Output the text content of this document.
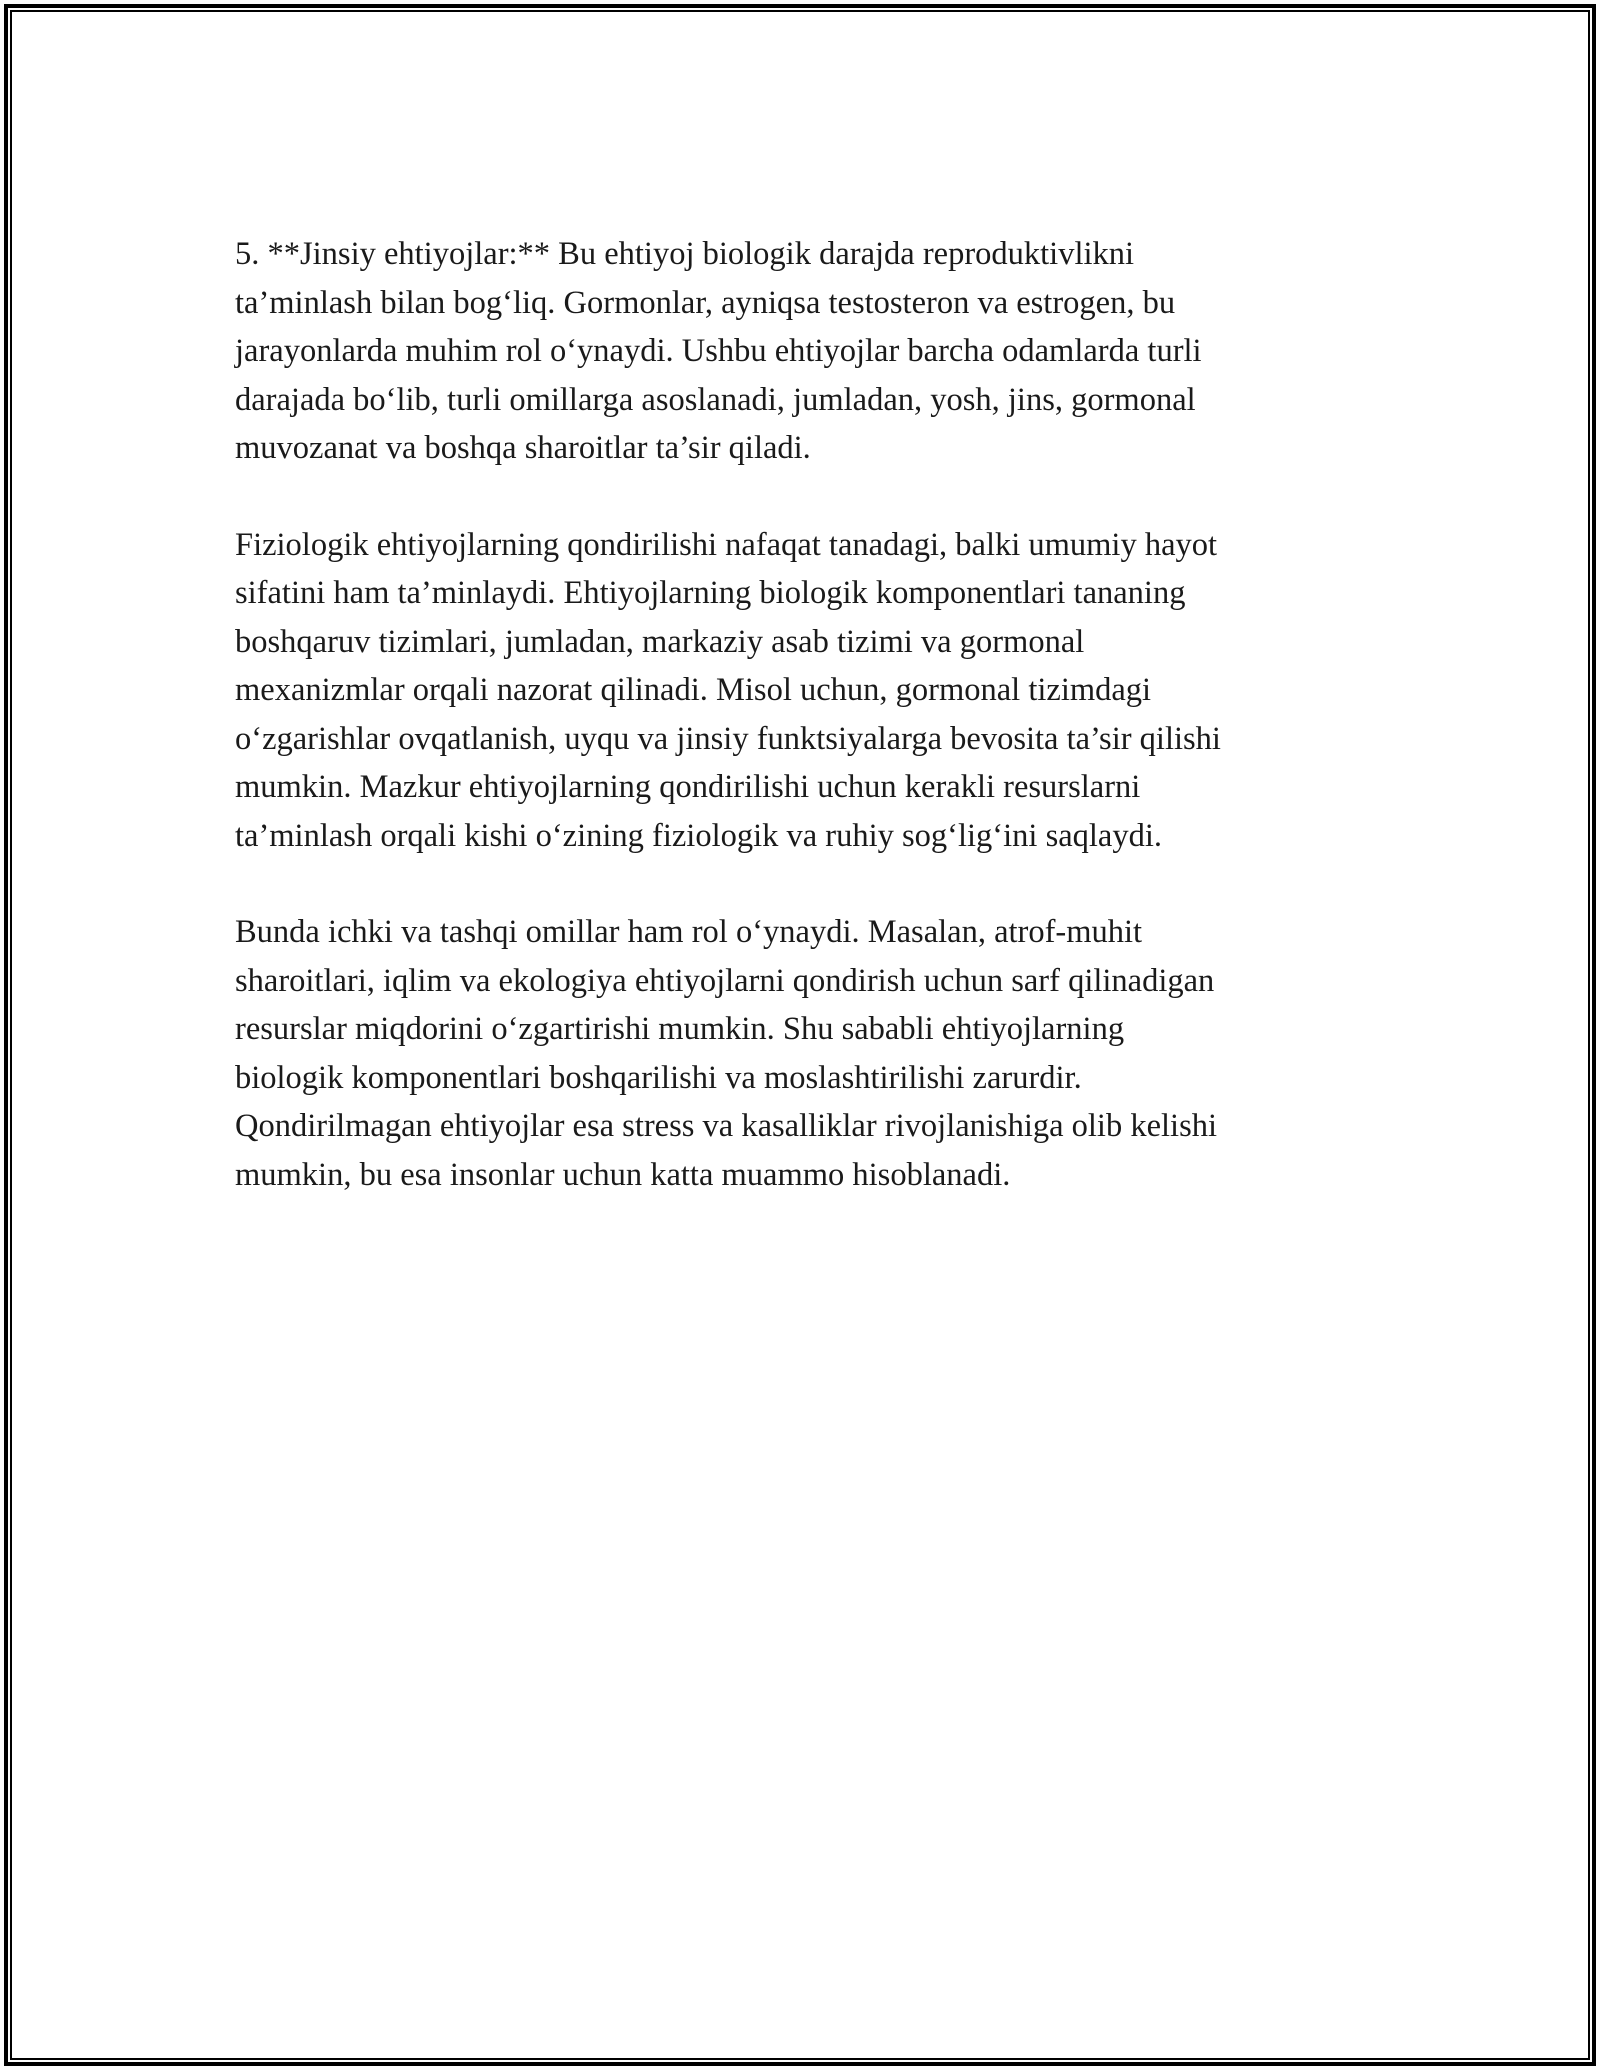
5. **Jinsiy ehtiyojlar:** Bu ehtiyoj biologik darajda reproduktivlikni
ta’minlash bilan bog‘liq. Gormonlar, ayniqsa testosteron va estrogen, bu
jarayonlarda muhim rol o‘ynaydi. Ushbu ehtiyojlar barcha odamlarda turli
darajada bo‘lib, turli omillarga asoslanadi, jumladan, yosh, jins, gormonal
muvozanat va boshqa sharoitlar ta’sir qiladi.

Fiziologik ehtiyojlarning qondirilishi nafaqat tanadagi, balki umumiy hayot
sifatini ham ta’minlaydi. Ehtiyojlarning biologik komponentlari tananing
boshqaruv tizimlari, jumladan, markaziy asab tizimi va gormonal
mexanizmlar orqali nazorat qilinadi. Misol uchun, gormonal tizimdagi
o‘zgarishlar ovqatlanish, uyqu va jinsiy funktsiyalarga bevosita ta’sir qilishi
mumkin. Mazkur ehtiyojlarning qondirilishi uchun kerakli resurslarni
ta’minlash orqali kishi o‘zining fiziologik va ruhiy sog‘lig‘ini saqlaydi.

Bunda ichki va tashqi omillar ham rol o‘ynaydi. Masalan, atrof-muhit
sharoitlari, iqlim va ekologiya ehtiyojlarni qondirish uchun sarf qilinadigan
resurslar miqdorini o‘zgartirishi mumkin. Shu sababli ehtiyojlarning
biologik komponentlari boshqarilishi va moslashtirilishi zarurdir.
Qondirilmagan ehtiyojlar esa stress va kasalliklar rivojlanishiga olib kelishi
mumkin, bu esa insonlar uchun katta muammo hisoblanadi.
